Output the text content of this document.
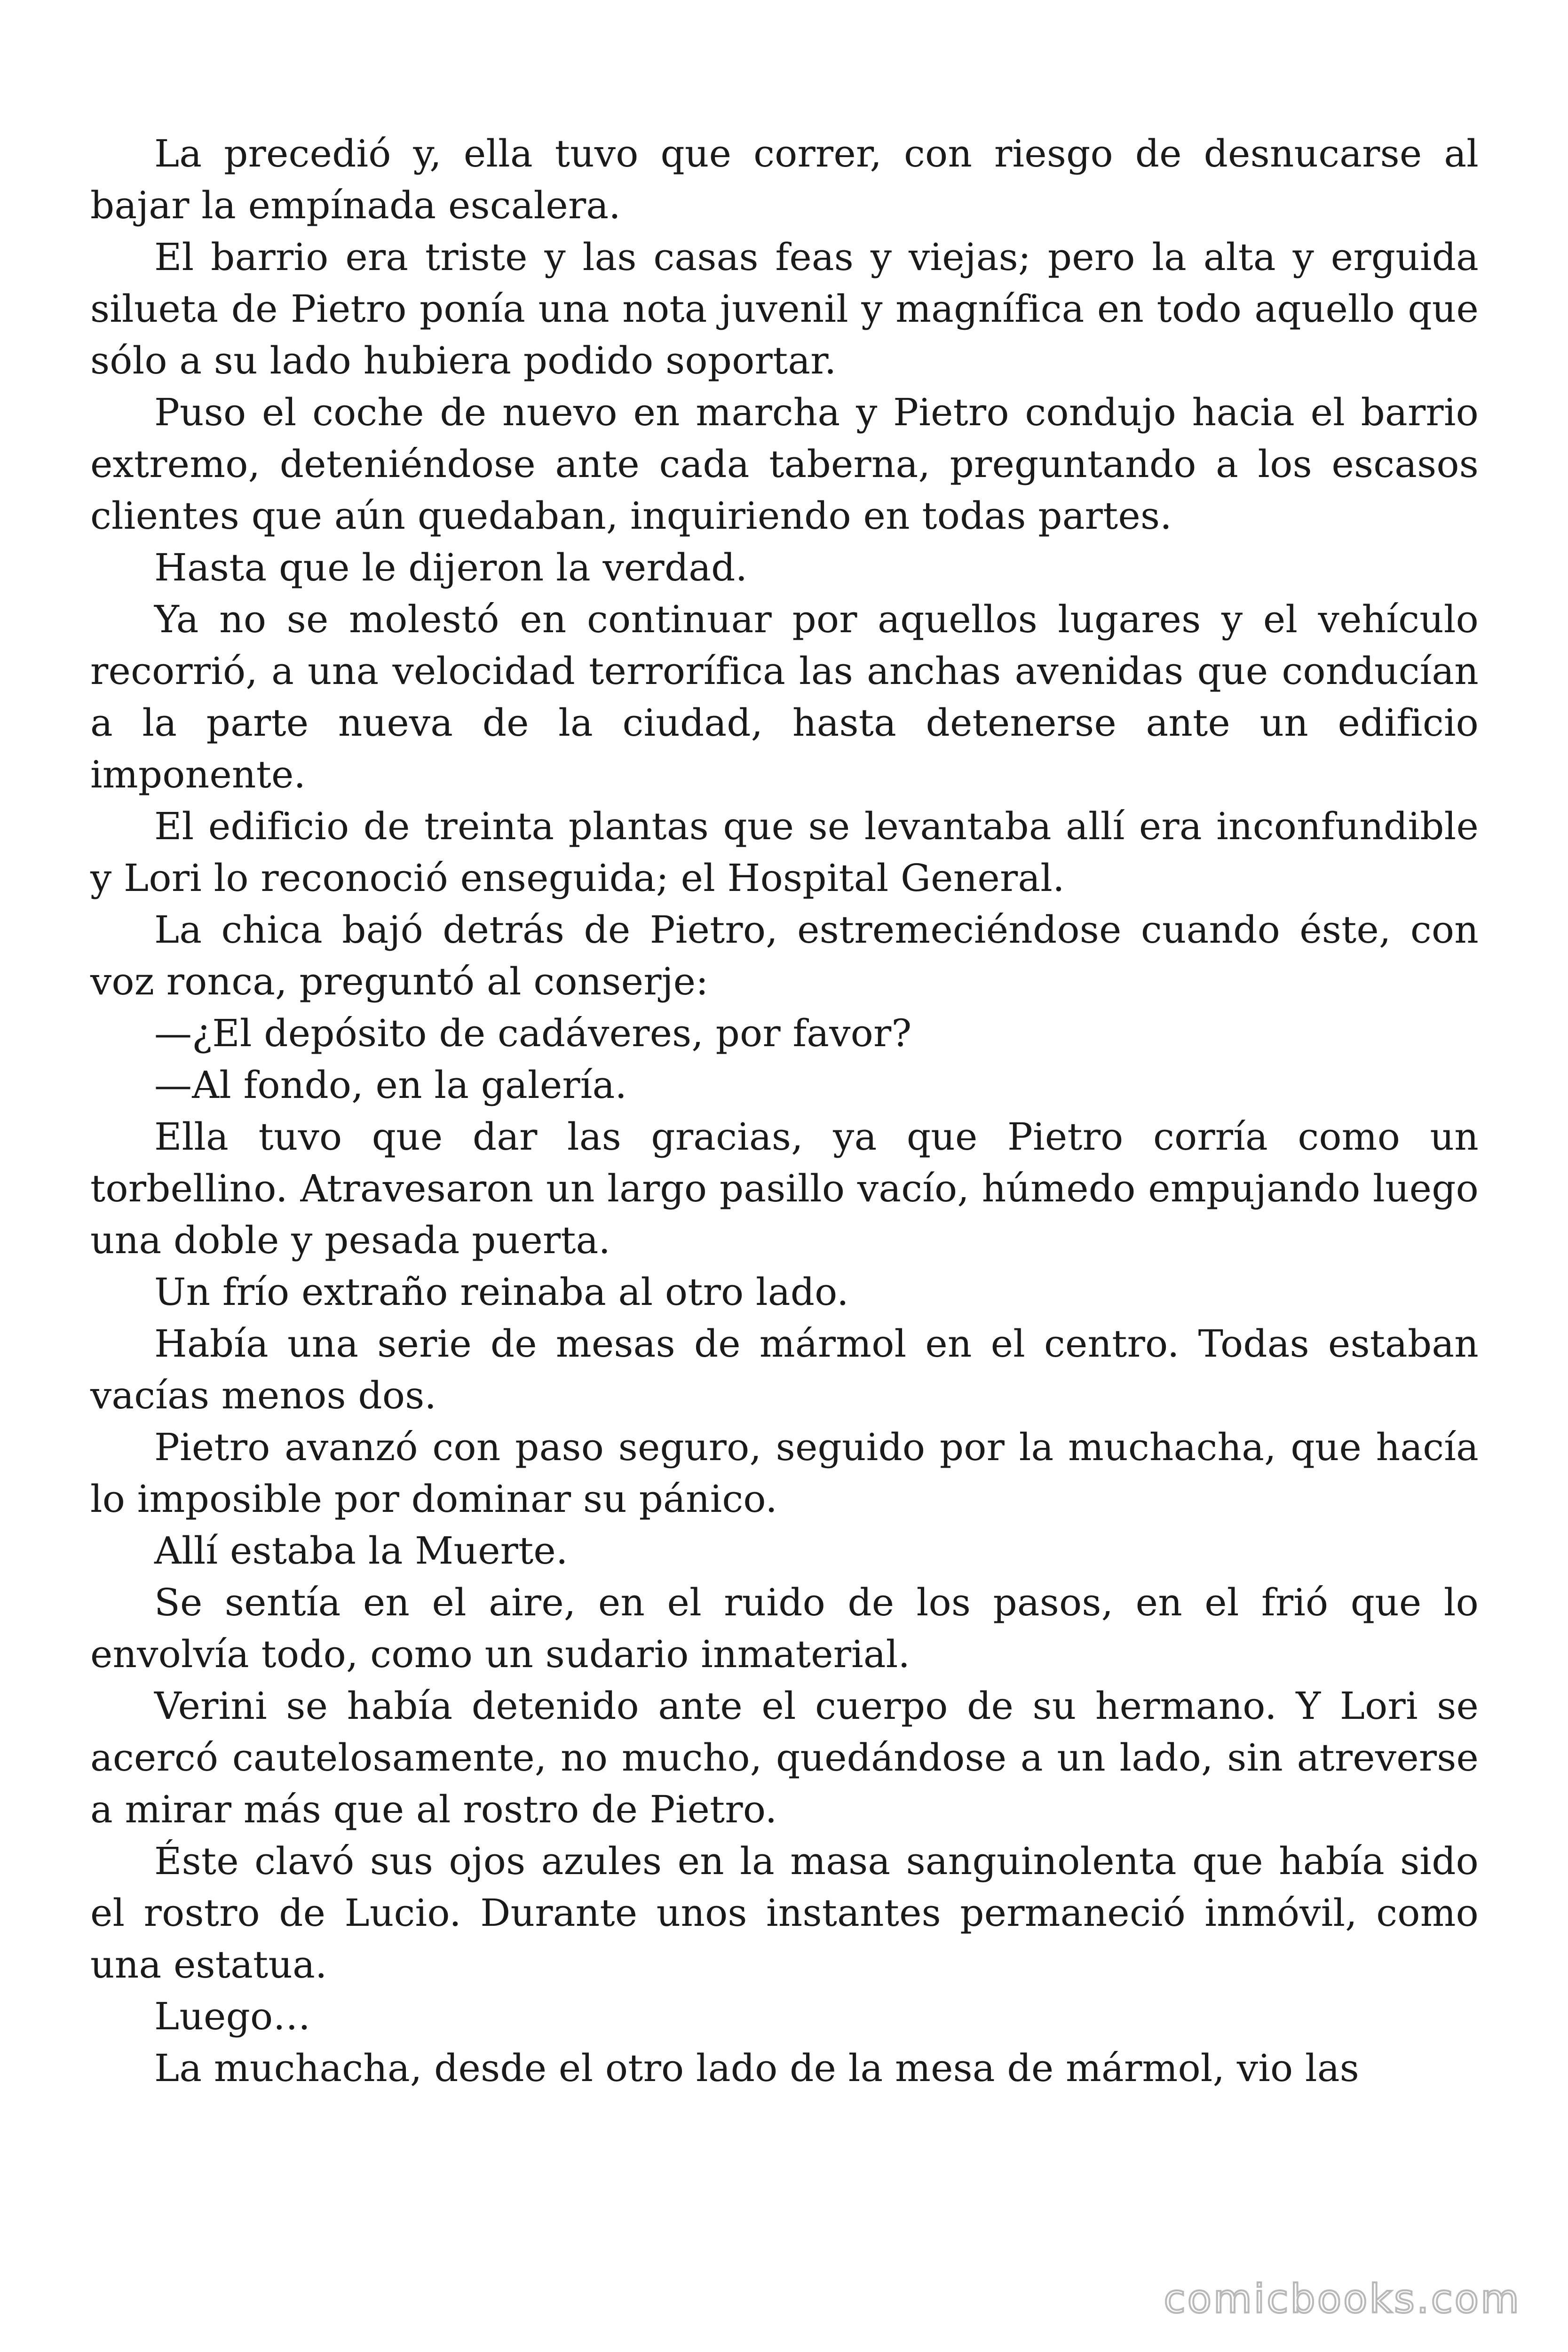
La precedió y, ella tuvo que correr, con riesgo de desnucarse al bajar la empínada escalera.

El barrio era triste y las casas feas y viejas; pero la alta y erguida silueta de Pietro ponía una nota juvenil y magnífica en todo aquello que sólo a su lado hubiera podido soportar.

Puso el coche de nuevo en marcha y Pietro condujo hacia el barrio extremo, deteniéndose ante cada taberna, preguntando a los escasos clientes que aún quedaban, inquiriendo en todas partes.

Hasta que le dijeron la verdad.

Ya no se molestó en continuar por aquellos lugares y el vehículo recorrió, a una velocidad terrorífica las anchas avenidas que conducían a la parte nueva de la ciudad, hasta detenerse ante un edificio imponente.

El edificio de treinta plantas que se levantaba allí era inconfundible y Lori lo reconoció enseguida; el Hospital General.

La chica bajó detrás de Pietro, estremeciéndose cuando éste, con voz ronca, preguntó al conserje:

—¿El depósito de cadáveres, por favor?

—Al fondo, en la galería.

Ella tuvo que dar las gracias, ya que Pietro corría como un torbellino. Atravesaron un largo pasillo vacío, húmedo empujando luego una doble y pesada puerta.

Un frío extraño reinaba al otro lado.

Había una serie de mesas de mármol en el centro. Todas estaban vacías menos dos.

Pietro avanzó con paso seguro, seguido por la muchacha, que hacía lo imposible por dominar su pánico.

Allí estaba la Muerte.

Se sentía en el aire, en el ruido de los pasos, en el frió que lo envolvía todo, como un sudario inmaterial.

Verini se había detenido ante el cuerpo de su hermano. Y Lori se acercó cautelosamente, no mucho, quedándose a un lado, sin atreverse a mirar más que al rostro de Pietro.

Éste clavó sus ojos azules en la masa sanguinolenta que había sido el rostro de Lucio. Durante unos instantes permaneció inmóvil, como una estatua.

Luego…

La muchacha, desde el otro lado de la mesa de mármol, vio las

comicbooks.com
